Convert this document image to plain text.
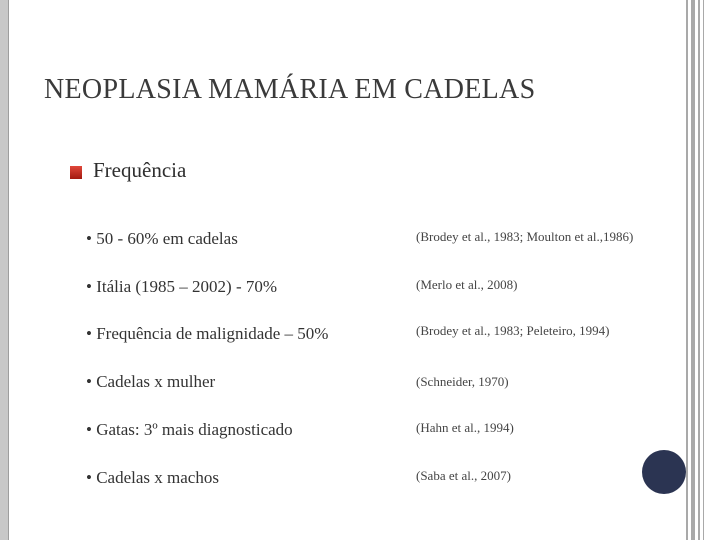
NEOPLASIA MAMÁRIA EM CADELAS
Frequência
• 50 - 60% em cadelas	(Brodey et al., 1983; Moulton et al.,1986)
• Itália (1985 – 2002) - 70%	(Merlo et al., 2008)
• Frequência de malignidade – 50%	(Brodey et al., 1983; Peleteiro, 1994)
• Cadelas x mulher	(Schneider, 1970)
• Gatas: 3º mais diagnosticado	(Hahn et al., 1994)
• Cadelas x machos	(Saba et al., 2007)
